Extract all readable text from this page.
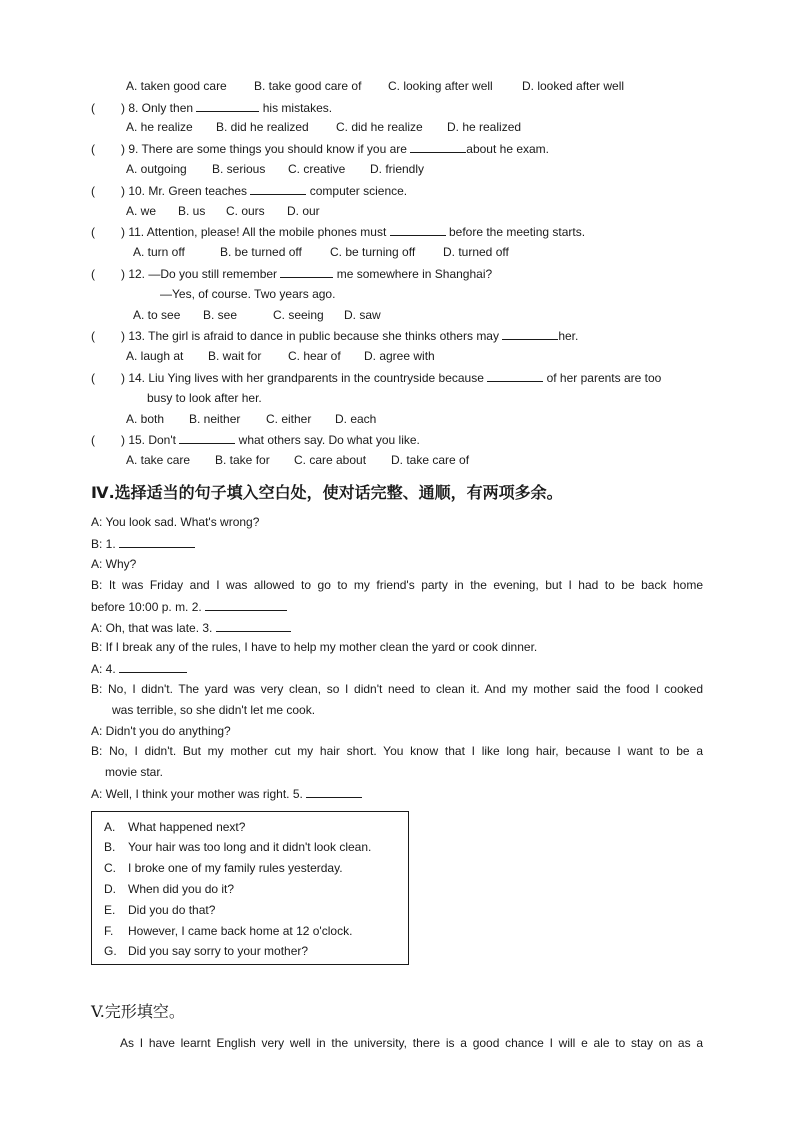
A. taken good care B. take good care of C. looking after well D. looked after well
( ) 8. Only then	his mistakes.
A. he realize B. did he realized C. did he realize D. he realized
( ) 9. There are some things you should know if you are	about he exam.
A. outgoing B. serious C. creative D. friendly
( ) 10. Mr. Green teaches	computer science.
A. we B. us C. ours D. our
( ) 11. Attention, please! All the mobile phones must	before the meeting starts.
A. turn off	B. be turned off C. be turning off D. turned off
( ) 12. —Do you still remember	me somewhere in Shanghai?
—Yes, of course. Two years ago.
A. to see B. see	C. seeing D. saw
( ) 13. The girl is afraid to dance in public because she thinks others may	her.
A. laugh at B. wait for C. hear of D. agree with
( ) 14. Liu Ying lives with her grandparents in the countryside because	of her parents are too
busy to look after her.
A. both B. neither C. either D. each
( ) 15. Don't	what others say. Do what you like.
A. take care B. take for C. care about D. take care of
Ⅳ.选择适当的句子填入空白处，使对话完整、通顺，有两项多余。
A: You look sad. What's wrong?
B: 1.
A: Why?
B: It was Friday and I was allowed to go to my friend's party in the evening, but I had to be back home
before 10:00 p. m. 2.
A: Oh, that was late. 3.
B: If I break any of the rules, I have to help my mother clean the yard or cook dinner.
A: 4.
B: No, I didn't. The yard was very clean, so I didn't need to clean it. And my mother said the food I cooked
was terrible, so she didn't let me cook.
A: Didn't you do anything?
B: No, I didn't. But my mother cut my hair short. You know that I like long hair, because I want to be a
movie star.
A: Well, I think your mother was right. 5.
A. What happened next?
B. Your hair was too long and it didn't look clean.
C. I broke one of my family rules yesterday.
D. When did you do it?
E. Did you do that?
F. However, I came back home at 12 o'clock.
G. Did you say sorry to your mother?
V.完形填空。
As I have learnt English very well in the university, there is a good chance I will e ale to stay on as a
